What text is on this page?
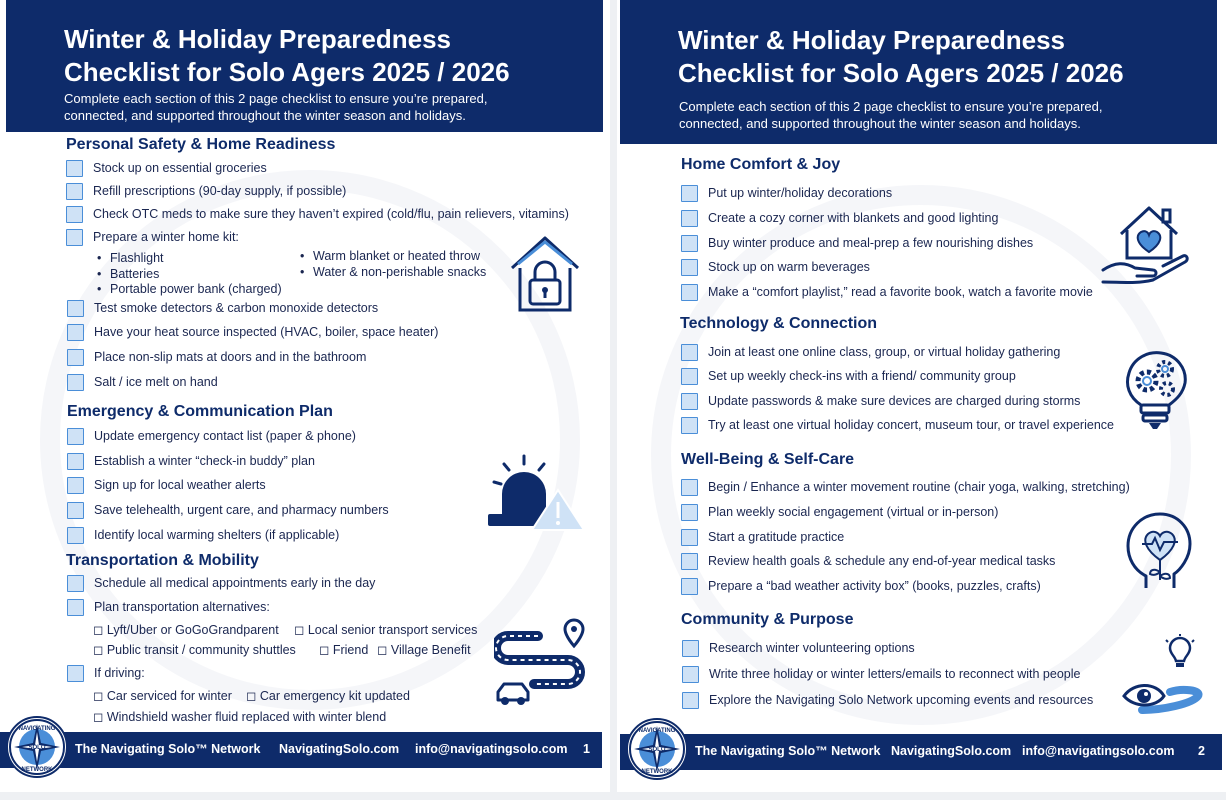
Winter & Holiday Preparedness
Checklist for Solo Agers 2025 / 2026
Complete each section of this 2 page checklist to ensure you’re prepared,
connected, and supported throughout the winter season and holidays.
Personal Safety & Home Readiness
Stock up on essential groceries
Refill prescriptions (90-day supply, if possible)
Check OTC meds to make sure they haven’t expired (cold/flu, pain relievers, vitamins)
Prepare a winter home kit:
• Flashlight
• Batteries
• Portable power bank (charged)
• Warm blanket or heated throw
• Water & non-perishable snacks
Test smoke detectors & carbon monoxide detectors
Have your heat source inspected (HVAC, boiler, space heater)
Place non-slip mats at doors and in the bathroom
Salt / ice melt on hand
Emergency & Communication Plan
Update emergency contact list (paper & phone)
Establish a winter “check-in buddy” plan
Sign up for local weather alerts
Save telehealth, urgent care, and pharmacy numbers
Identify local warming shelters (if applicable)
Transportation & Mobility
Schedule all medical appointments early in the day
Plan transportation alternatives:
◻ Lyft/Uber or GoGoGrandparent ◻ Local senior transport services
◻ Public transit / community shuttles ◻ Friend ◻ Village Benefit
If driving:
◻ Car serviced for winter ◻ Car emergency kit updated
◻ Windshield washer fluid replaced with winter blend
The Navigating Solo™ Network NavigatingSolo.com info@navigatingsolo.com 1
NAVIGATING
SOLO
NETWORK
Winter & Holiday Preparedness
Checklist for Solo Agers 2025 / 2026
Complete each section of this 2 page checklist to ensure you’re prepared,
connected, and supported throughout the winter season and holidays.
Home Comfort & Joy
Put up winter/holiday decorations
Create a cozy corner with blankets and good lighting
Buy winter produce and meal-prep a few nourishing dishes
Stock up on warm beverages
Make a “comfort playlist,” read a favorite book, watch a favorite movie
Technology & Connection
Join at least one online class, group, or virtual holiday gathering
Set up weekly check-ins with a friend/ community group
Update passwords & make sure devices are charged during storms
Try at least one virtual holiday concert, museum tour, or travel experience
Well-Being & Self-Care
Begin / Enhance a winter movement routine (chair yoga, walking, stretching)
Plan weekly social engagement (virtual or in-person)
Start a gratitude practice
Review health goals & schedule any end-of-year medical tasks
Prepare a “bad weather activity box” (books, puzzles, crafts)
Community & Purpose
Research winter volunteering options
Write three holiday or winter letters/emails to reconnect with people
Explore the Navigating Solo Network upcoming events and resources
The Navigating Solo™ Network NavigatingSolo.com info@navigatingsolo.com 2
NAVIGATING
SOLO
NETWORK
